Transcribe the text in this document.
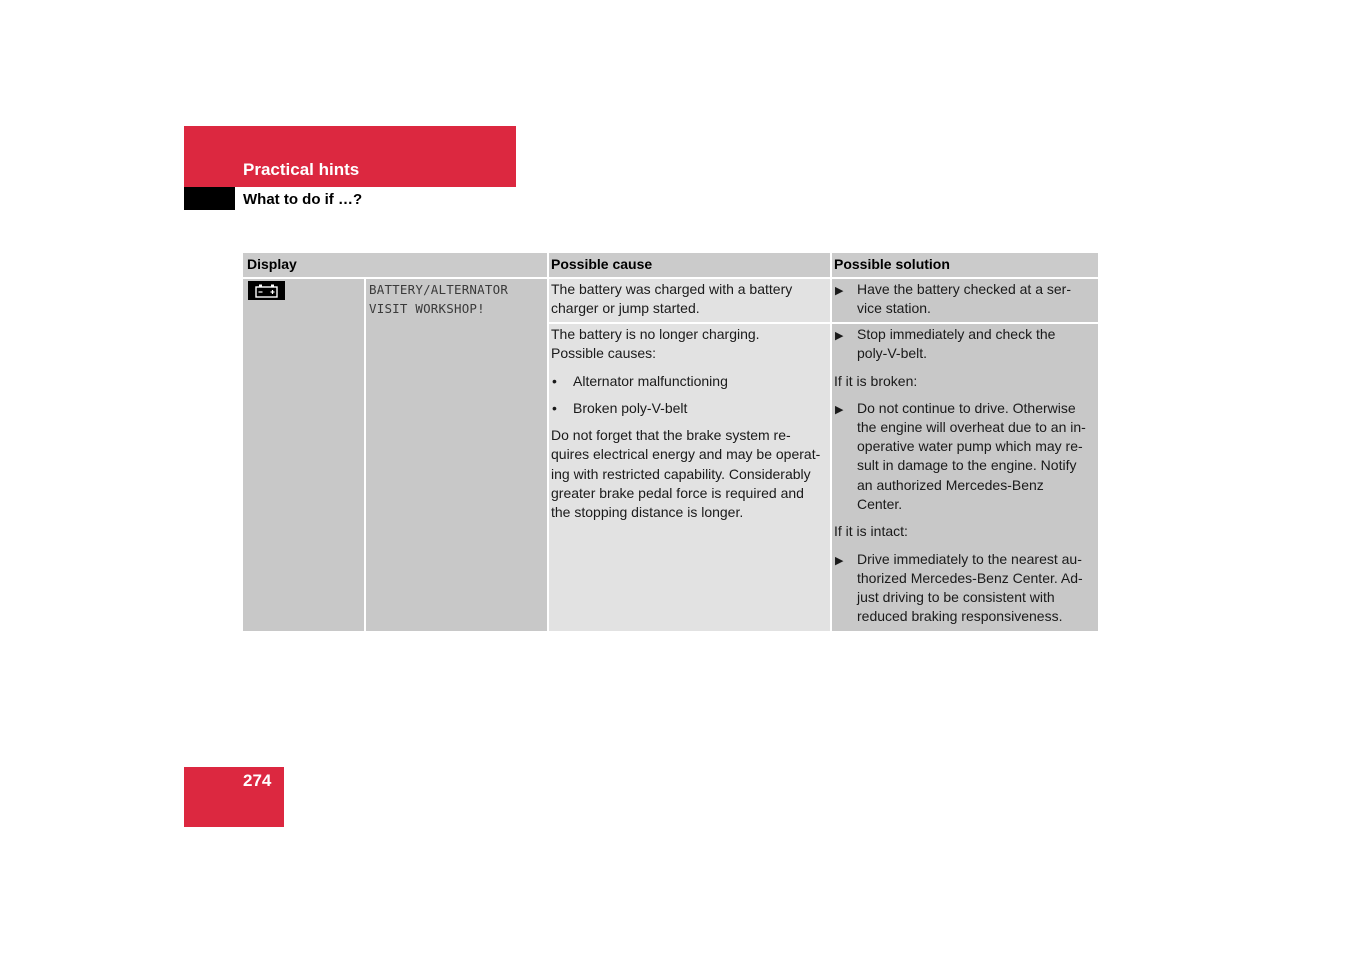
Practical hints
What to do if …?
Display	Possible cause	Possible solution
BATTERY/ALTERNATOR
VISIT WORKSHOP!
The battery was charged with a battery
charger or jump started.
▶ Have the battery checked at a ser-
vice station.
The battery is no longer charging.
Possible causes:
• Alternator malfunctioning
• Broken poly-V-belt
Do not forget that the brake system re-
quires electrical energy and may be operat-
ing with restricted capability. Considerably
greater brake pedal force is required and
the stopping distance is longer.
▶ Stop immediately and check the
poly-V-belt.
If it is broken:
▶ Do not continue to drive. Otherwise
the engine will overheat due to an in-
operative water pump which may re-
sult in damage to the engine. Notify
an authorized Mercedes-Benz
Center.
If it is intact:
▶ Drive immediately to the nearest au-
thorized Mercedes-Benz Center. Ad-
just driving to be consistent with
reduced braking responsiveness.
274
